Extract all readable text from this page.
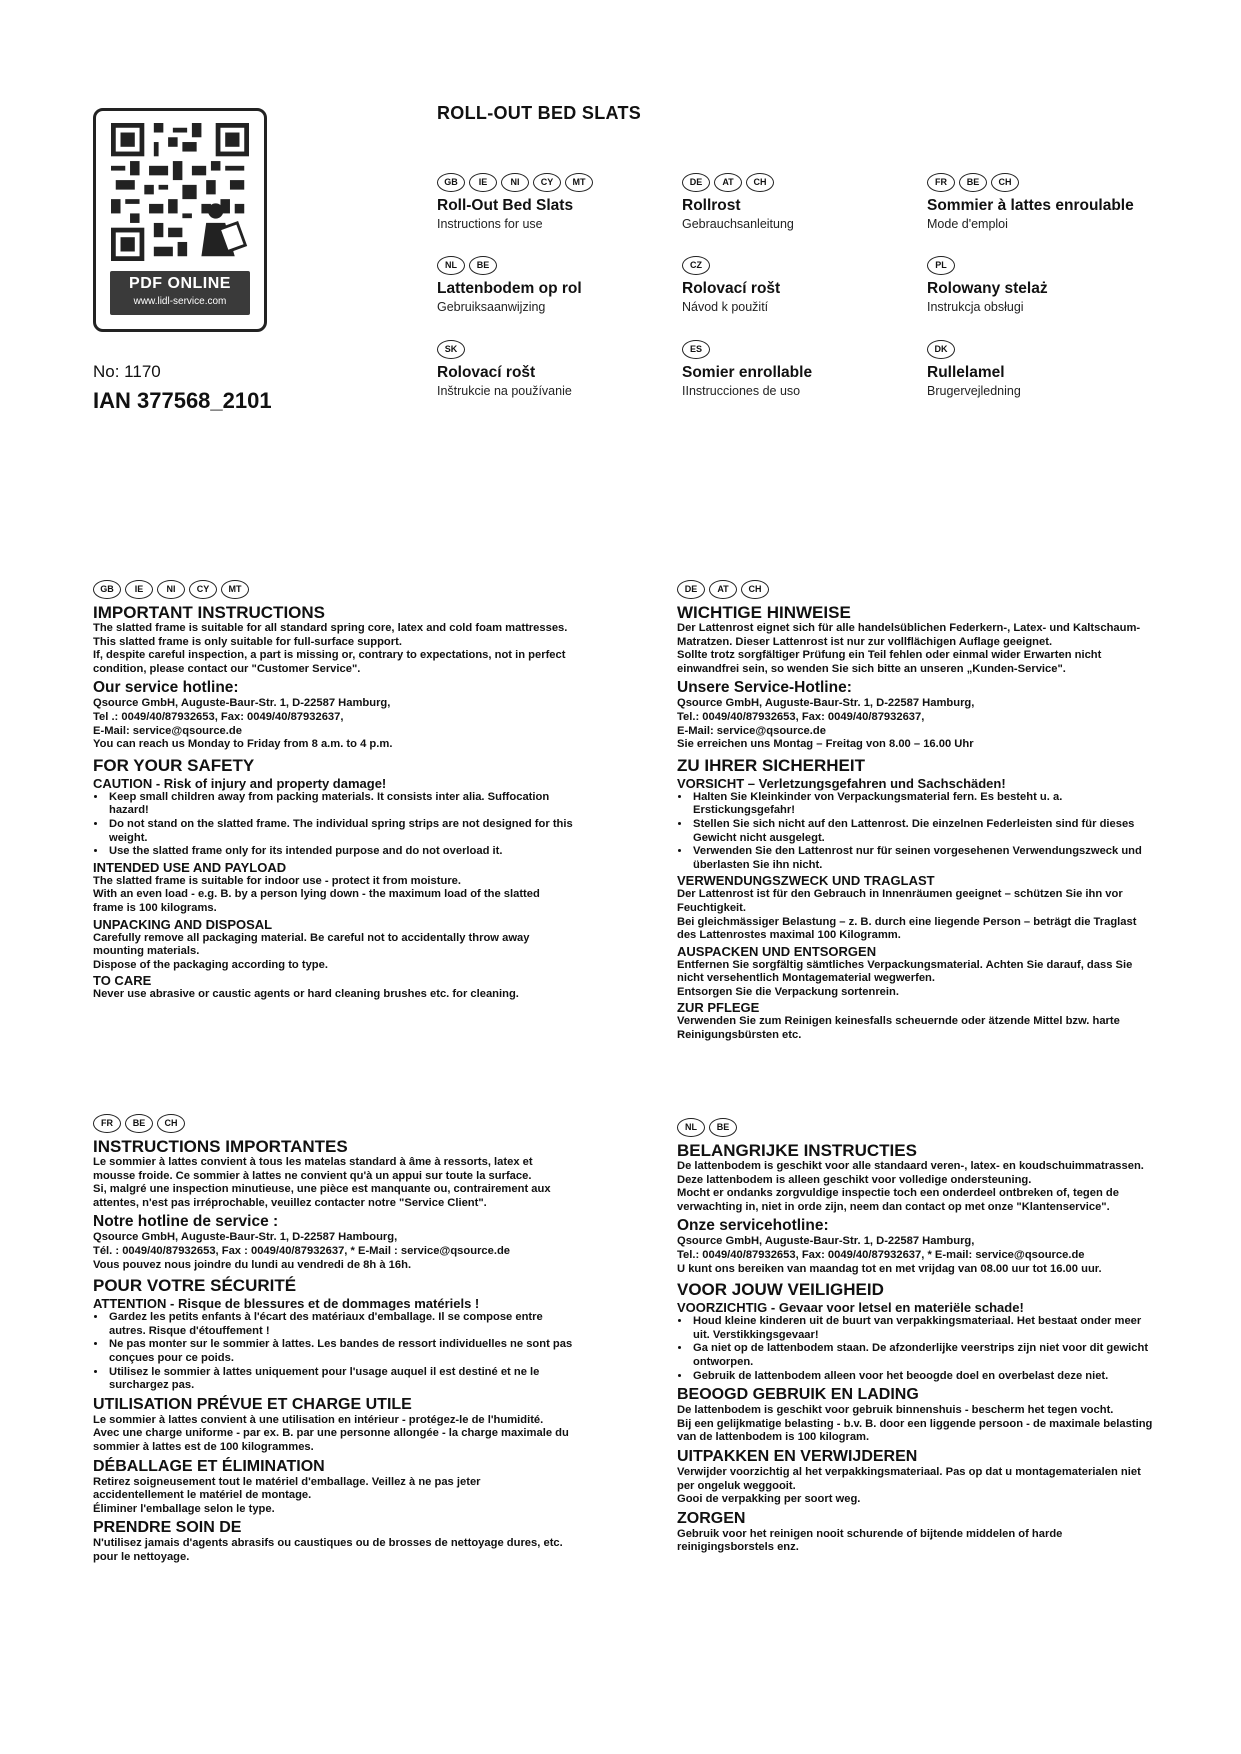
PDF ONLINE
www.lidl-service.com
No: 1170
IAN 377568_2101
ROLL-OUT BED SLATS
GB	IE	NI	CY	MT
Roll-Out Bed Slats
Instructions for use
DE	AT	CH
Rollrost
Gebrauchsanleitung
FR	BE	CH
Sommier à lattes enroulable
Mode d'emploi
NL	BE
Lattenbodem op rol
Gebruiksaanwijzing
CZ
Rolovací rošt
Návod k použití
PL
Rolowany stelaż
Instrukcja obsługi
SK
Rolovací rošt
Inštrukcie na používanie
ES
Somier enrollable
IInstrucciones de uso
DK
Rullelamel
Brugervejledning
GB	IE	NI	CY	MT
IMPORTANT INSTRUCTIONS

The slatted frame is suitable for all standard spring core, latex and cold foam mattresses. This slatted frame is only suitable for full-surface support.

If, despite careful inspection, a part is missing or, contrary to expectations, not in perfect condition, please contact our "Customer Service".

Our service hotline:

Qsource GmbH, Auguste-Baur-Str. 1, D-22587 Hamburg,

Tel .: 0049/40/87932653, Fax: 0049/40/87932637,

E-Mail: service@qsource.de

You can reach us Monday to Friday from 8 a.m. to 4 p.m.

FOR YOUR SAFETY
CAUTION - Risk of injury and property damage!
• Keep small children away from packing materials. It consists inter alia. Suffocation hazard!
• Do not stand on the slatted frame. The individual spring strips are not designed for this weight.
• Use the slatted frame only for its intended purpose and do not overload it.
INTENDED USE AND PAYLOAD

The slatted frame is suitable for indoor use - protect it from moisture.

With an even load - e.g. B. by a person lying down - the maximum load of the slatted frame is 100 kilograms.

UNPACKING AND DISPOSAL

Carefully remove all packaging material. Be careful not to accidentally throw away mounting materials.

Dispose of the packaging according to type.

TO CARE

Never use abrasive or caustic agents or hard cleaning brushes etc. for cleaning.

DE	AT	CH
WICHTIGE HINWEISE

Der Lattenrost eignet sich für alle handelsüblichen Federkern-, Latex- und Kaltschaum-Matratzen. Dieser Lattenrost ist nur zur vollflächigen Auflage geeignet.

Sollte trotz sorgfältiger Prüfung ein Teil fehlen oder einmal wider Erwarten nicht einwandfrei sein, so wenden Sie sich bitte an unseren „Kunden-Service".

Unsere Service-Hotline:

Qsource GmbH, Auguste-Baur-Str. 1, D-22587 Hamburg,

Tel.: 0049/40/87932653, Fax: 0049/40/87932637,

E-Mail: service@qsource.de

Sie erreichen uns Montag – Freitag von 8.00 – 16.00 Uhr

ZU IHRER SICHERHEIT
VORSICHT – Verletzungsgefahren und Sachschäden!
• Halten Sie Kleinkinder von Verpackungsmaterial fern. Es besteht u. a. Erstickungsgefahr!
• Stellen Sie sich nicht auf den Lattenrost. Die einzelnen Federleisten sind für dieses Gewicht nicht ausgelegt.
• Verwenden Sie den Lattenrost nur für seinen vorgesehenen Verwendungszweck und überlasten Sie ihn nicht.
VERWENDUNGSZWECK UND TRAGLAST

Der Lattenrost ist für den Gebrauch in Innenräumen geeignet – schützen Sie ihn vor Feuchtigkeit.

Bei gleichmässiger Belastung – z. B. durch eine liegende Person – beträgt die Traglast des Lattenrostes maximal 100 Kilogramm.

AUSPACKEN UND ENTSORGEN

Entfernen Sie sorgfältig sämtliches Verpackungsmaterial. Achten Sie darauf, dass Sie nicht versehentlich Montagematerial wegwerfen.

Entsorgen Sie die Verpackung sortenrein.

ZUR PFLEGE

Verwenden Sie zum Reinigen keinesfalls scheuernde oder ätzende Mittel bzw. harte Reinigungsbürsten etc.

FR	BE	CH
INSTRUCTIONS IMPORTANTES

Le sommier à lattes convient à tous les matelas standard à âme à ressorts, latex et mousse froide. Ce sommier à lattes ne convient qu'à un appui sur toute la surface.

Si, malgré une inspection minutieuse, une pièce est manquante ou, contrairement aux attentes, n'est pas irréprochable, veuillez contacter notre "Service Client".

Notre hotline de service :

Qsource GmbH, Auguste-Baur-Str. 1, D-22587 Hambourg,

Tél. : 0049/40/87932653, Fax : 0049/40/87932637, * E-Mail : service@qsource.de

Vous pouvez nous joindre du lundi au vendredi de 8h à 16h.

POUR VOTRE SÉCURITÉ
ATTENTION - Risque de blessures et de dommages matériels !
• Gardez les petits enfants à l'écart des matériaux d'emballage. Il se compose entre autres. Risque d'étouffement !
• Ne pas monter sur le sommier à lattes. Les bandes de ressort individuelles ne sont pas conçues pour ce poids.
• Utilisez le sommier à lattes uniquement pour l'usage auquel il est destiné et ne le surchargez pas.
UTILISATION PRÉVUE ET CHARGE UTILE

Le sommier à lattes convient à une utilisation en intérieur - protégez-le de l'humidité.

Avec une charge uniforme - par ex. B. par une personne allongée - la charge maximale du sommier à lattes est de 100 kilogrammes.

DÉBALLAGE ET ÉLIMINATION

Retirez soigneusement tout le matériel d'emballage. Veillez à ne pas jeter accidentellement le matériel de montage.

Éliminer l'emballage selon le type.

PRENDRE SOIN DE

N'utilisez jamais d'agents abrasifs ou caustiques ou de brosses de nettoyage dures, etc. pour le nettoyage.

NL	BE
BELANGRIJKE INSTRUCTIES

De lattenbodem is geschikt voor alle standaard veren-, latex- en koudschuimmatrassen. Deze lattenbodem is alleen geschikt voor volledige ondersteuning.

Mocht er ondanks zorgvuldige inspectie toch een onderdeel ontbreken of, tegen de verwachting in, niet in orde zijn, neem dan contact op met onze "Klantenservice".

Onze servicehotline:

Qsource GmbH, Auguste-Baur-Str. 1, D-22587 Hamburg,

Tel.: 0049/40/87932653, Fax: 0049/40/87932637, * E-mail: service@qsource.de

U kunt ons bereiken van maandag tot en met vrijdag van 08.00 uur tot 16.00 uur.

VOOR JOUW VEILIGHEID
VOORZICHTIG - Gevaar voor letsel en materiële schade!
• Houd kleine kinderen uit de buurt van verpakkingsmateriaal. Het bestaat onder meer uit. Verstikkingsgevaar!
• Ga niet op de lattenbodem staan. De afzonderlijke veerstrips zijn niet voor dit gewicht ontworpen.
• Gebruik de lattenbodem alleen voor het beoogde doel en overbelast deze niet.
BEOOGD GEBRUIK EN LADING

De lattenbodem is geschikt voor gebruik binnenshuis - bescherm het tegen vocht.

Bij een gelijkmatige belasting - b.v. B. door een liggende persoon - de maximale belasting van de lattenbodem is 100 kilogram.

UITPAKKEN EN VERWIJDEREN

Verwijder voorzichtig al het verpakkingsmateriaal. Pas op dat u montagematerialen niet per ongeluk weggooit.

Gooi de verpakking per soort weg.

ZORGEN

Gebruik voor het reinigen nooit schurende of bijtende middelen of harde reinigingsborstels enz.
